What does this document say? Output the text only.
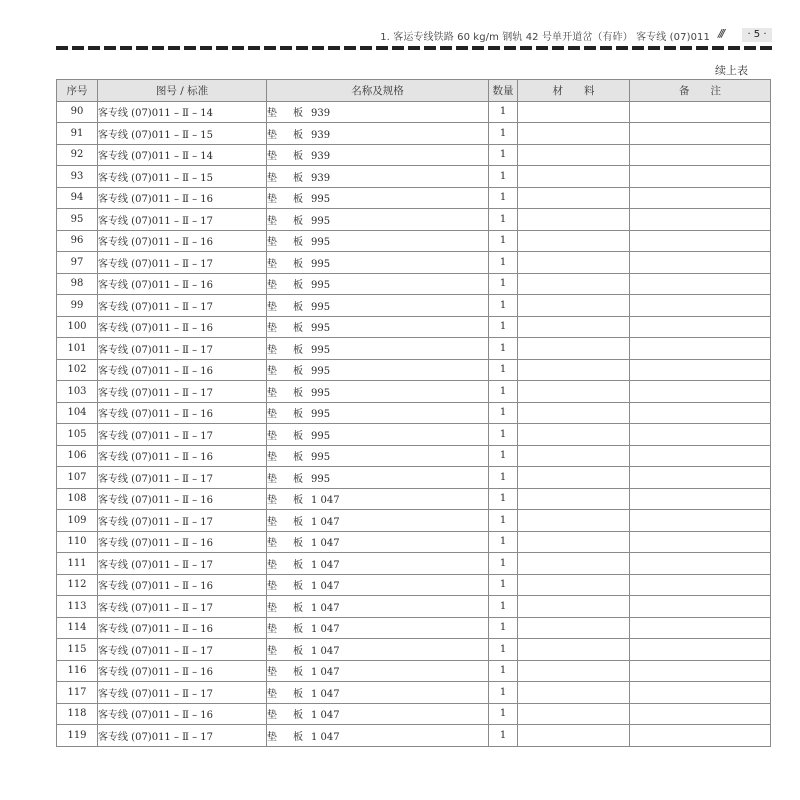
1. 客运专线铁路 60 kg/m 钢轨 42 号单开道岔（有砟） 客专线 (07)011 ///	· 5 ·
续上表
序号	图号 / 标准	名称及规格	数量	材　　料	备　　注
90	客专线 (07)011 – Ⅱ – 14	垫 板 939	1		
91	客专线 (07)011 – Ⅱ – 15	垫 板 939	1		
92	客专线 (07)011 – Ⅱ – 14	垫 板 939	1		
93	客专线 (07)011 – Ⅱ – 15	垫 板 939	1		
94	客专线 (07)011 – Ⅱ – 16	垫 板 995	1		
95	客专线 (07)011 – Ⅱ – 17	垫 板 995	1		
96	客专线 (07)011 – Ⅱ – 16	垫 板 995	1		
97	客专线 (07)011 – Ⅱ – 17	垫 板 995	1		
98	客专线 (07)011 – Ⅱ – 16	垫 板 995	1		
99	客专线 (07)011 – Ⅱ – 17	垫 板 995	1		
100	客专线 (07)011 – Ⅱ – 16	垫 板 995	1		
101	客专线 (07)011 – Ⅱ – 17	垫 板 995	1		
102	客专线 (07)011 – Ⅱ – 16	垫 板 995	1		
103	客专线 (07)011 – Ⅱ – 17	垫 板 995	1		
104	客专线 (07)011 – Ⅱ – 16	垫 板 995	1		
105	客专线 (07)011 – Ⅱ – 17	垫 板 995	1		
106	客专线 (07)011 – Ⅱ – 16	垫 板 995	1		
107	客专线 (07)011 – Ⅱ – 17	垫 板 995	1		
108	客专线 (07)011 – Ⅱ – 16	垫 板 1 047	1		
109	客专线 (07)011 – Ⅱ – 17	垫 板 1 047	1		
110	客专线 (07)011 – Ⅱ – 16	垫 板 1 047	1		
111	客专线 (07)011 – Ⅱ – 17	垫 板 1 047	1		
112	客专线 (07)011 – Ⅱ – 16	垫 板 1 047	1		
113	客专线 (07)011 – Ⅱ – 17	垫 板 1 047	1		
114	客专线 (07)011 – Ⅱ – 16	垫 板 1 047	1		
115	客专线 (07)011 – Ⅱ – 17	垫 板 1 047	1		
116	客专线 (07)011 – Ⅱ – 16	垫 板 1 047	1		
117	客专线 (07)011 – Ⅱ – 17	垫 板 1 047	1		
118	客专线 (07)011 – Ⅱ – 16	垫 板 1 047	1		
119	客专线 (07)011 – Ⅱ – 17	垫 板 1 047	1		
